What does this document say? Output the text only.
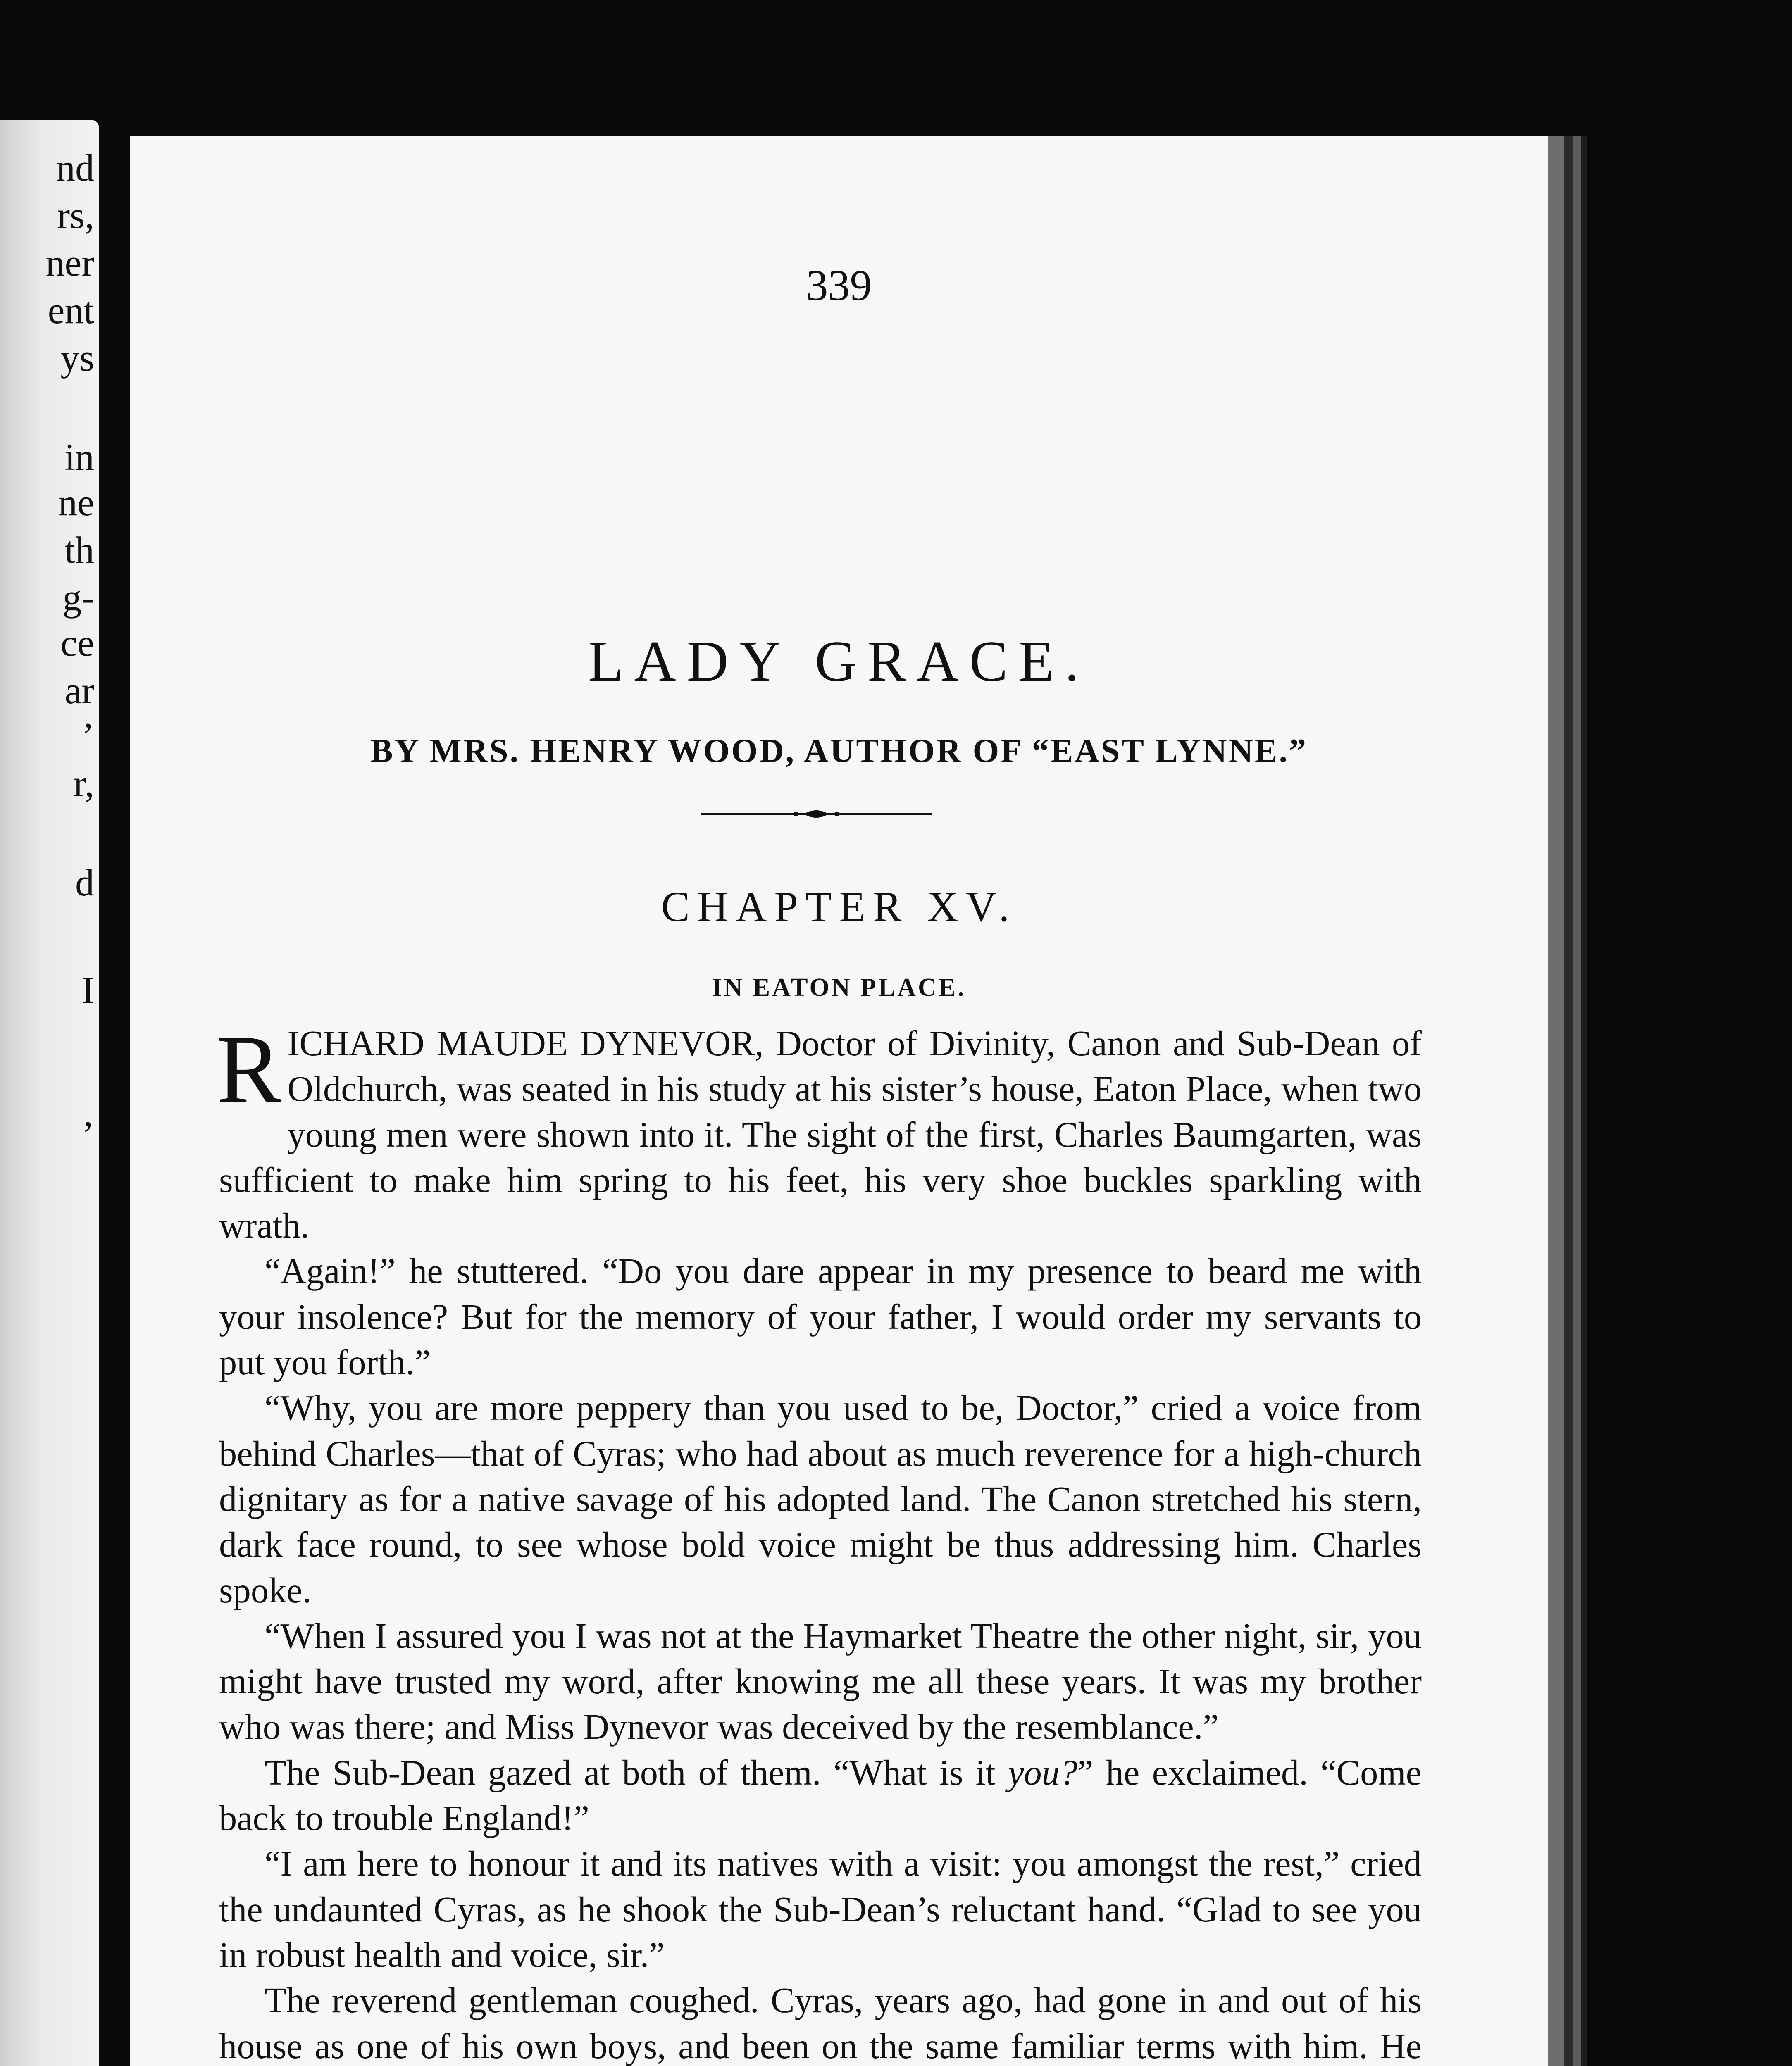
nd
rs,
ner
ent
ys
in
ne
th
g-
ce
ar
’
r,
d
I
’
339
LADY GRACE.
BY MRS. HENRY WOOD, AUTHOR OF “EAST LYNNE.”
CHAPTER XV.
IN EATON PLACE.

RICHARD MAUDE DYNEVOR, Doctor of Divinity, Canon and Sub-Dean of Oldchurch, was seated in his study at his sister’s house, Eaton Place, when two young men were shown into it. The sight of the first, Charles Baumgarten, was sufficient to make him spring to his feet, his very shoe buckles sparkling with wrath.

“Again!” he stuttered. “Do you dare appear in my presence to beard me with your insolence? But for the memory of your father, I would order my servants to put you forth.”

“Why, you are more peppery than you used to be, Doctor,” cried a voice from behind Charles—that of Cyras; who had about as much reverence for a high-church dignitary as for a native savage of his adopted land. The Canon stretched his stern, dark face round, to see whose bold voice might be thus addressing him. Charles spoke.

“When I assured you I was not at the Haymarket Theatre the other night, sir, you might have trusted my word, after knowing me all these years. It was my brother who was there; and Miss Dynevor was deceived by the resemblance.”

The Sub-Dean gazed at both of them. “What is it you?” he exclaimed. “Come back to trouble England!”

“I am here to honour it and its natives with a visit: you amongst the rest,” cried the undaunted Cyras, as he shook the Sub-Dean’s reluctant hand. “Glad to see you in robust health and voice, sir.”

The reverend gentleman coughed. Cyras, years ago, had gone in and out of his house as one of his own boys, and been on the same familiar terms with him. He
